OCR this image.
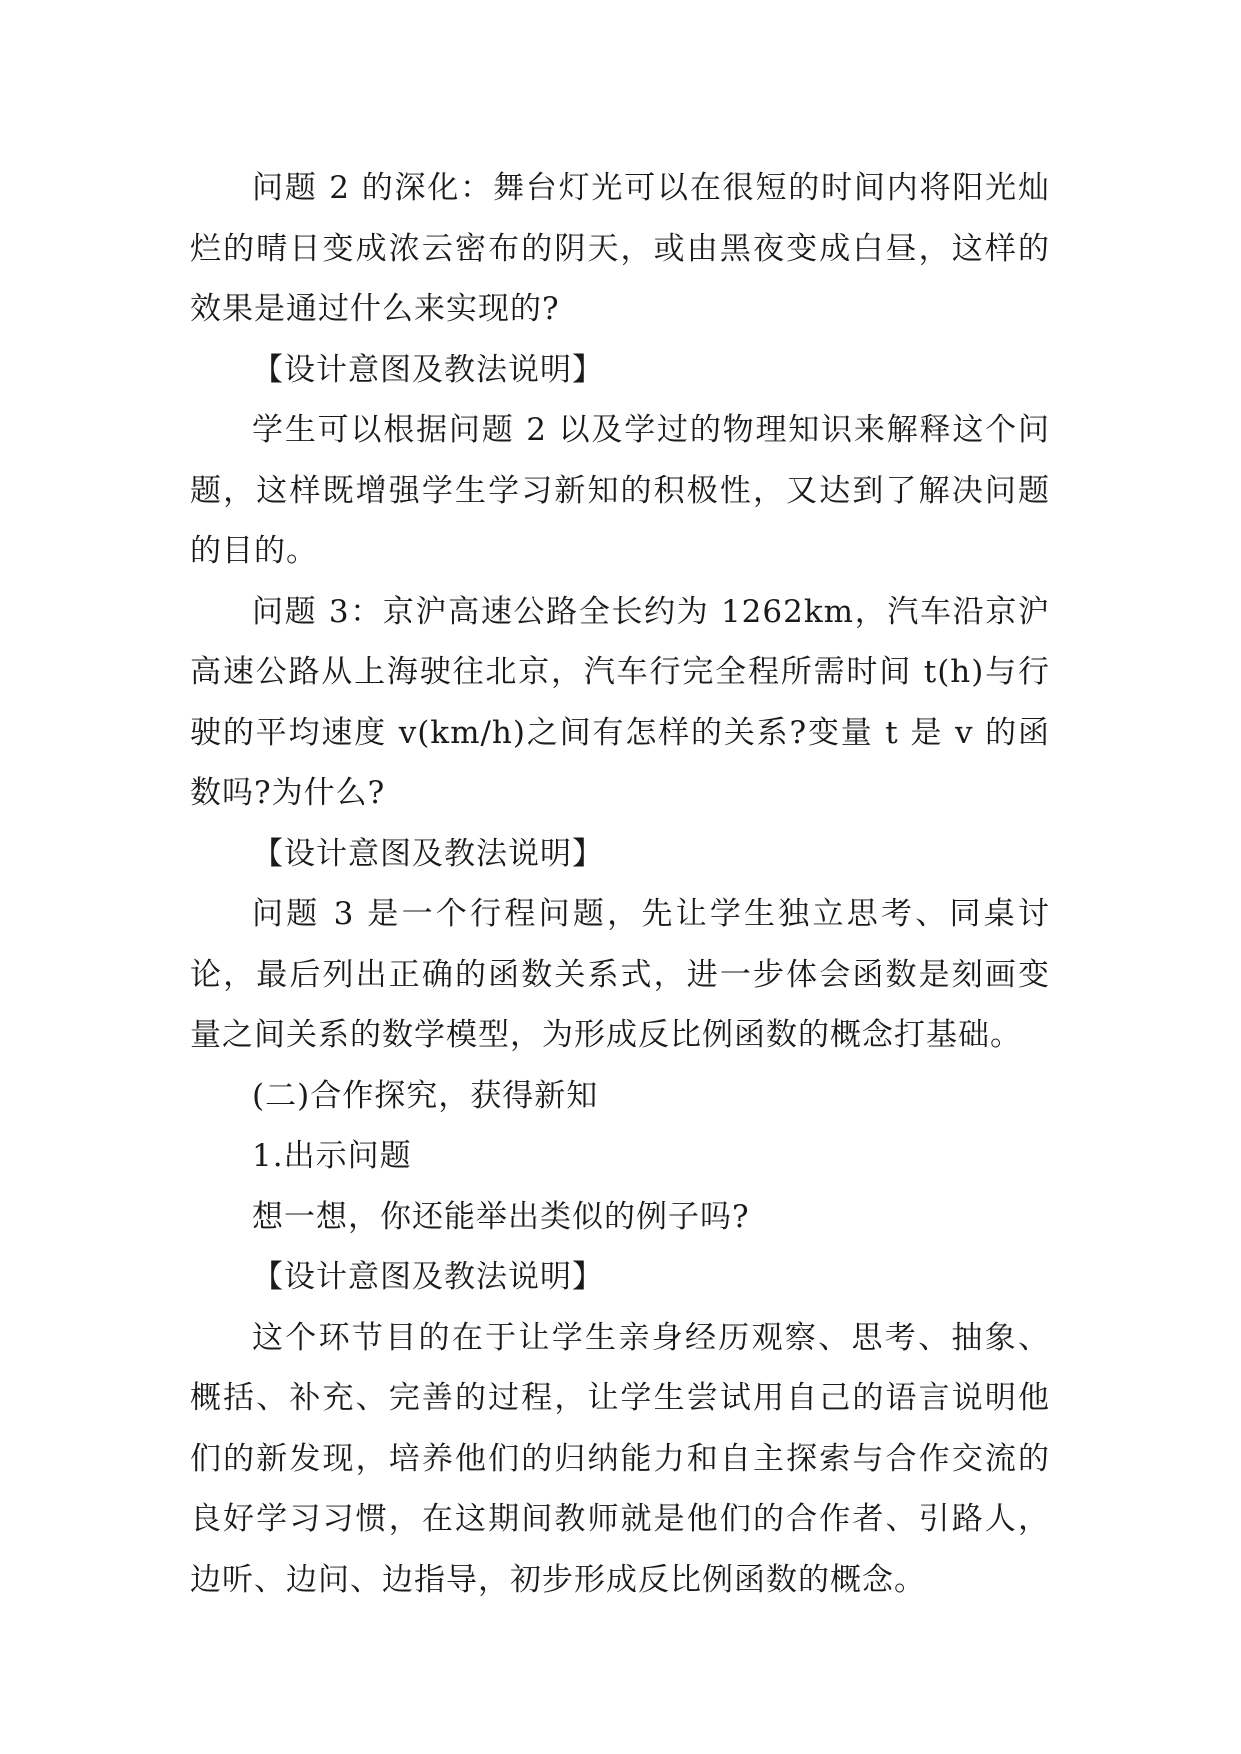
问题 2 的深化：舞台灯光可以在很短的时间内将阳光灿烂的晴日变成浓云密布的阴天，或由黑夜变成白昼，这样的效果是通过什么来实现的?

【设计意图及教法说明】

学生可以根据问题 2 以及学过的物理知识来解释这个问题，这样既增强学生学习新知的积极性，又达到了解决问题的目的。

问题 3：京沪高速公路全长约为 1262km，汽车沿京沪高速公路从上海驶往北京，汽车行完全程所需时间 t(h)与行驶的平均速度 v(km/h)之间有怎样的关系?变量 t 是 v 的函数吗?为什么?

【设计意图及教法说明】

问题 3 是一个行程问题，先让学生独立思考、同桌讨论，最后列出正确的函数关系式，进一步体会函数是刻画变量之间关系的数学模型，为形成反比例函数的概念打基础。

(二)合作探究，获得新知

1.出示问题

想一想，你还能举出类似的例子吗?

【设计意图及教法说明】

这个环节目的在于让学生亲身经历观察、思考、抽象、概括、补充、完善的过程，让学生尝试用自己的语言说明他们的新发现，培养他们的归纳能力和自主探索与合作交流的良好学习习惯，在这期间教师就是他们的合作者、引路人，边听、边问、边指导，初步形成反比例函数的概念。
